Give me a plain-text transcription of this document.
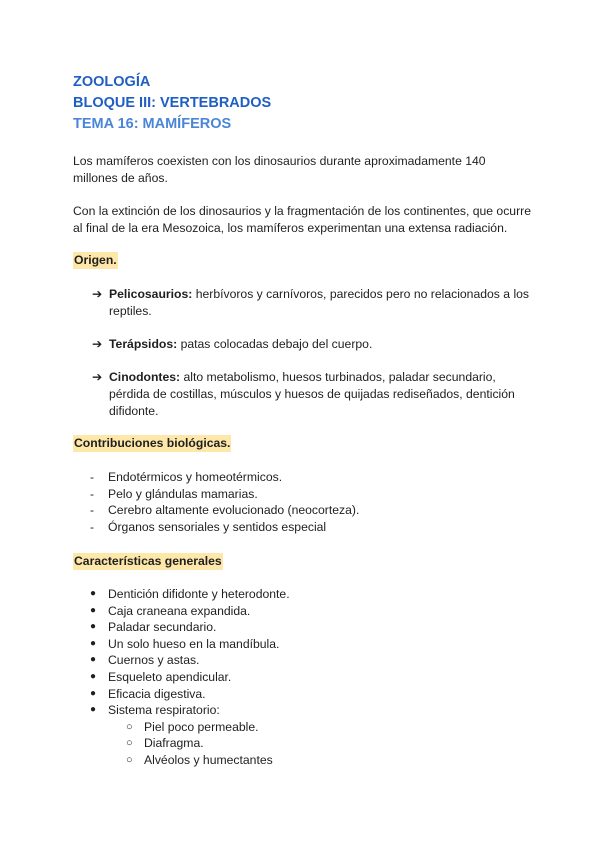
ZOOLOGÍA
BLOQUE III: VERTEBRADOS
TEMA 16: MAMÍFEROS

Los mamíferos coexisten con los dinosaurios durante aproximadamente 140 millones de años.

Con la extinción de los dinosaurios y la fragmentación de los continentes, que ocurre al final de la era Mesozoica, los mamíferos experimentan una extensa radiación.

Origen.
➔ Pelicosaurios: herbívoros y carnívoros, parecidos pero no relacionados a los reptiles.
➔ Terápsidos: patas colocadas debajo del cuerpo.
➔ Cinodontes: alto metabolismo, huesos turbinados, paladar secundario, pérdida de costillas, músculos y huesos de quijadas rediseñados, dentición difidonte.
Contribuciones biológicas.
- Endotérmicos y homeotérmicos.
- Pelo y glándulas mamarias.
- Cerebro altamente evolucionado (neocorteza).
- Órganos sensoriales y sentidos especial
Características generales
● Dentición difidonte y heterodonte.
● Caja craneana expandida.
● Paladar secundario.
● Un solo hueso en la mandíbula.
● Cuernos y astas.
● Esqueleto apendicular.
● Eficacia digestiva.
● Sistema respiratorio:
○ Piel poco permeable.
○ Diafragma.
○ Alvéolos y humectantes
